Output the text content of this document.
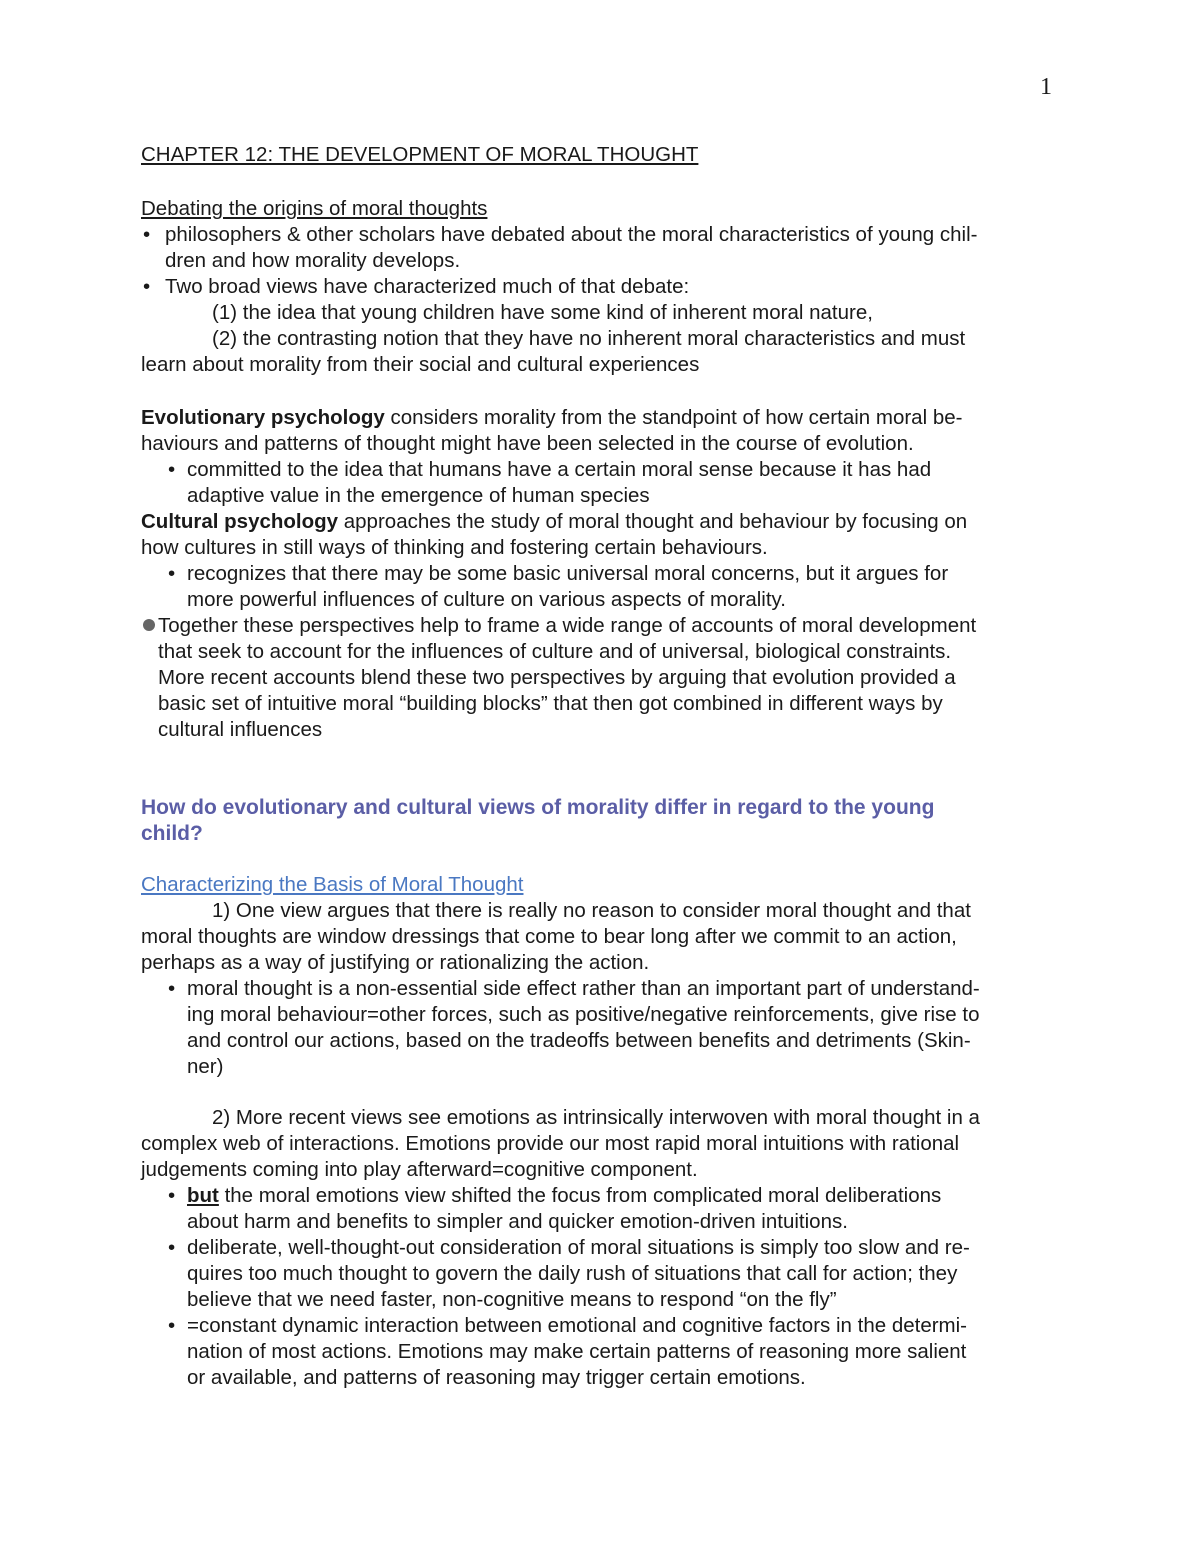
1
CHAPTER 12: THE DEVELOPMENT OF MORAL THOUGHT
Debating the origins of moral thoughts
• philosophers & other scholars have debated about the moral characteristics of young chil-
dren and how morality develops.
• Two broad views have characterized much of that debate:
(1) the idea that young children have some kind of inherent moral nature,
(2) the contrasting notion that they have no inherent moral characteristics and must
learn about morality from their social and cultural experiences
Evolutionary psychology considers morality from the standpoint of how certain moral be-
haviours and patterns of thought might have been selected in the course of evolution.
• committed to the idea that humans have a certain moral sense because it has had
adaptive value in the emergence of human species
Cultural psychology approaches the study of moral thought and behaviour by focusing on
how cultures in still ways of thinking and fostering certain behaviours.
• recognizes that there may be some basic universal moral concerns, but it argues for
more powerful influences of culture on various aspects of morality.
Together these perspectives help to frame a wide range of accounts of moral development
that seek to account for the influences of culture and of universal, biological constraints.
More recent accounts blend these two perspectives by arguing that evolution provided a
basic set of intuitive moral “building blocks” that then got combined in different ways by
cultural influences
How do evolutionary and cultural views of morality differ in regard to the young
child?
Characterizing the Basis of Moral Thought
1) One view argues that there is really no reason to consider moral thought and that
moral thoughts are window dressings that come to bear long after we commit to an action,
perhaps as a way of justifying or rationalizing the action.
• moral thought is a non-essential side effect rather than an important part of understand-
ing moral behaviour=other forces, such as positive/negative reinforcements, give rise to
and control our actions, based on the tradeoffs between benefits and detriments (Skin-
ner)
2) More recent views see emotions as intrinsically interwoven with moral thought in a
complex web of interactions. Emotions provide our most rapid moral intuitions with rational
judgements coming into play afterward=cognitive component.
• but the moral emotions view shifted the focus from complicated moral deliberations
about harm and benefits to simpler and quicker emotion-driven intuitions.
• deliberate, well-thought-out consideration of moral situations is simply too slow and re-
quires too much thought to govern the daily rush of situations that call for action; they
believe that we need faster, non-cognitive means to respond “on the fly”
• =constant dynamic interaction between emotional and cognitive factors in the determi-
nation of most actions. Emotions may make certain patterns of reasoning more salient
or available, and patterns of reasoning may trigger certain emotions.
